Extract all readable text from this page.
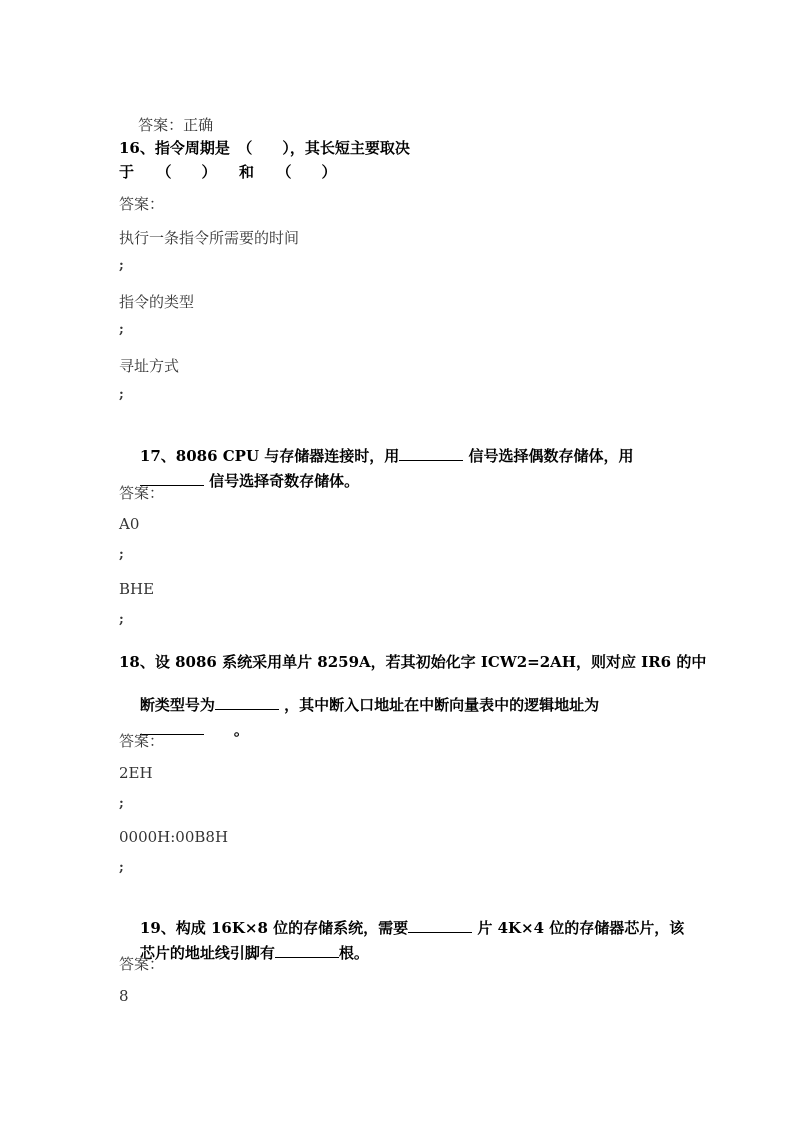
答案：正确

16、指令周期是　（　　），其长短主要取决
于　　（　　）　　和　　（　　）
答案：
执行一条指令所需要的时间
;
指令的类型
;
寻址方式
;

17、8086 CPU 与存储器连接时，用	信号选择偶数存储体，用

信号选择奇数存储体。

答案：
A0
;
BHE
;
18、设 8086 系统采用单片 8259A，若其初始化字 ICW2=2AH，则对应 IR6 的中

断类型号为	，其中断入口地址在中断向量表中的逻辑地址为

　　。

答案：
2EH
;
0000H:00B8H
;

19、构成 16K×8 位的存储系统，需要	片 4K×4 位的存储器芯片，该

芯片的地址线引脚有	根。

答案：
8
